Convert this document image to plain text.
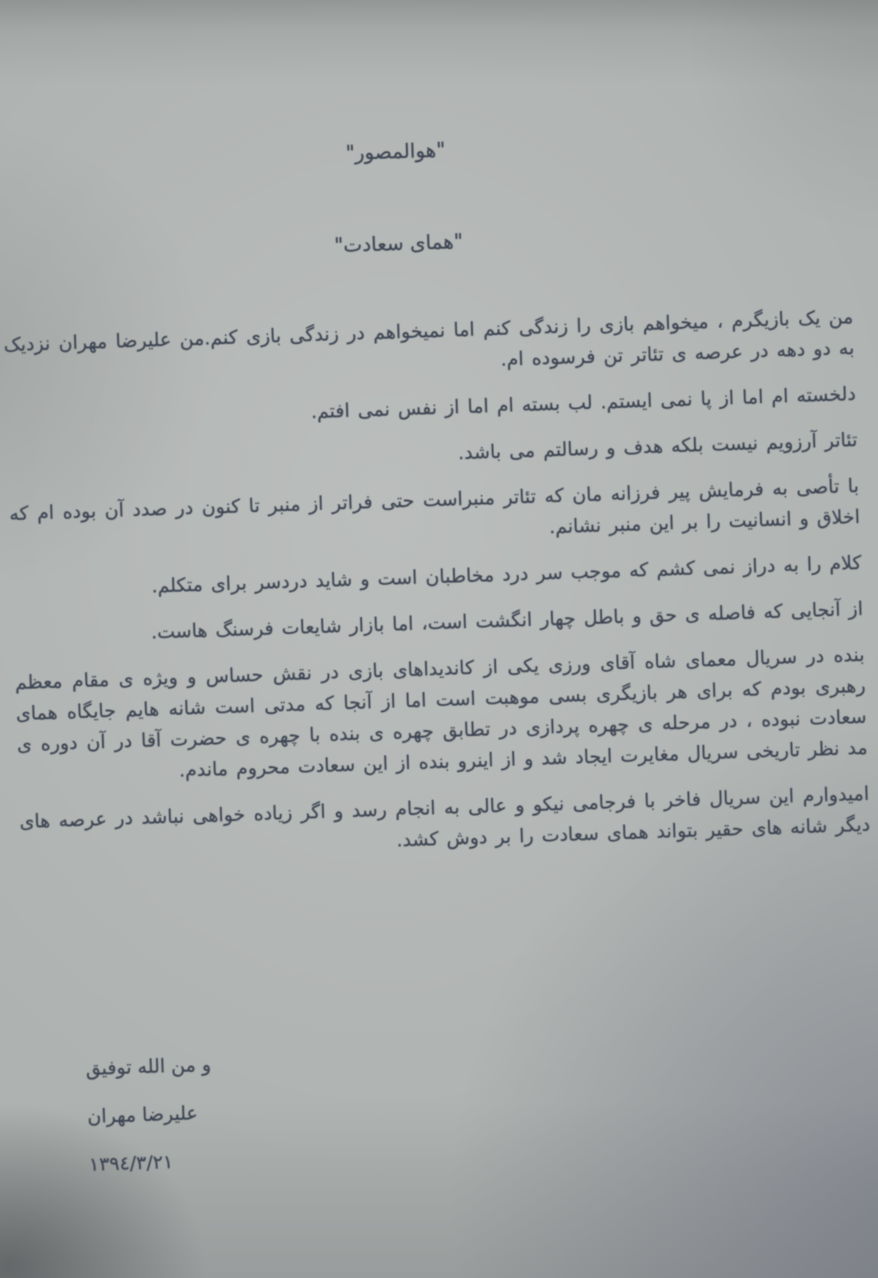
"هوالمصور"
"همای سعادت"

من یک بازیگرم ، میخواهم بازی را زندگی کنم اما نمیخواهم در زندگی بازی کنم.من علیرضا مهران نزدیک به دو دهه در عرصه ی تئاتر تن فرسوده ام.

دلخسته ام اما از پا نمی ایستم. لب بسته ام اما از نفس نمی افتم.

تئاتر آرزویم نیست بلکه هدف و رسالتم می باشد.

با تأصی به فرمایش پیر فرزانه مان که تئاتر منبراست حتی فراتر از منبر تا کنون در صدد آن بوده ام که اخلاق و انسانیت را بر این منبر نشانم.

کلام را به دراز نمی کشم که موجب سر درد مخاطبان است و شاید دردسر برای متکلم.

از آنجایی که فاصله ی حق و باطل چهار انگشت است، اما بازار شایعات فرسنگ هاست.

بنده در سریال معمای شاه آقای ورزی یکی از کاندیداهای بازی در نقش حساس و ویژه ی مقام معظم رهبری بودم که برای هر بازیگری بسی موهبت است اما از آنجا که مدتی است شانه هایم جایگاه همای سعادت نبوده ، در مرحله ی چهره پردازی در تطابق چهره ی بنده با چهره ی حضرت آقا در آن دوره ی مد نظر تاریخی سریال مغایرت ایجاد شد و از اینرو بنده از این سعادت محروم ماندم.

امیدوارم این سریال فاخر با فرجامی نیکو و عالی به انجام رسد و اگر زیاده خواهی نباشد در عرصه های دیگر شانه های حقیر بتواند همای سعادت را بر دوش کشد.

و من الله توفیق
علیرضا مهران
۱۳۹٤/۳/۲۱
